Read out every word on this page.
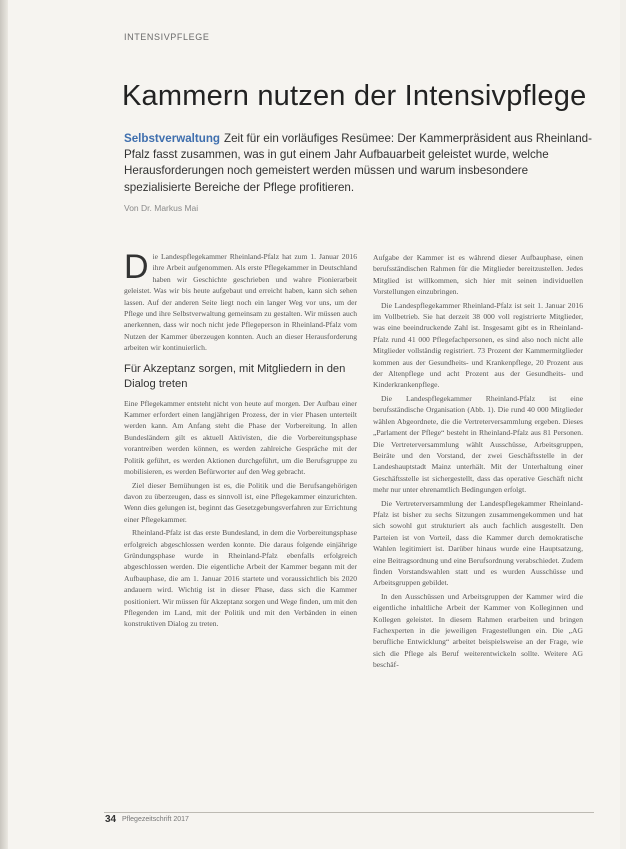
INTENSIVPFLEGE
Kammern nutzen der Intensivpflege

Selbstverwaltung Zeit für ein vorläufiges Resümee: Der Kammerpräsident aus Rheinland-Pfalz fasst zusammen, was in gut einem Jahr Aufbauarbeit geleistet wurde, welche Herausforderungen noch gemeistert werden müssen und warum insbesondere spezialisierte Bereiche der Pflege profitieren.

Von Dr. Markus Mai

Die Landespflegekammer Rheinland-Pfalz hat zum 1. Januar 2016 ihre Arbeit aufgenommen. Als erste Pflegekammer in Deutschland haben wir Geschichte geschrieben und wahre Pionierarbeit geleistet. Was wir bis heute aufgebaut und erreicht haben, kann sich sehen lassen. Auf der anderen Seite liegt noch ein langer Weg vor uns, um der Pflege und ihre Selbstverwaltung gemeinsam zu gestalten. Wir müssen auch anerkennen, dass wir noch nicht jede Pflegeperson in Rheinland-Pfalz vom Nutzen der Kammer überzeugen konnten. Auch an dieser Herausforderung arbeiten wir kontinuierlich.

Für Akzeptanz sorgen, mit Mitgliedern in den Dialog treten

Eine Pflegekammer entsteht nicht von heute auf morgen. Der Aufbau einer Kammer erfordert einen langjährigen Prozess, der in vier Phasen unterteilt werden kann. Am Anfang steht die Phase der Vorbereitung. In allen Bundesländern gilt es aktuell Aktivisten, die die Vorbereitungsphase vorantreiben werden können, es werden zahlreiche Gespräche mit der Politik geführt, es werden Aktionen durchgeführt, um die Berufsgruppe zu mobilisieren, es werden Befürworter auf den Weg gebracht.

Ziel dieser Bemühungen ist es, die Politik und die Berufsangehörigen davon zu überzeugen, dass es sinnvoll ist, eine Pflegekammer einzurichten. Wenn dies gelungen ist, beginnt das Gesetzgebungsverfahren zur Errichtung einer Pflegekammer.

Rheinland-Pfalz ist das erste Bundesland, in dem die Vorbereitungsphase erfolgreich abgeschlossen werden konnte. Die daraus folgende einjährige Gründungsphase wurde in Rheinland-Pfalz ebenfalls erfolgreich abgeschlossen werden. Die eigentliche Arbeit der Kammer begann mit der Aufbauphase, die am 1. Januar 2016 startete und voraussichtlich bis 2020 andauern wird. Wichtig ist in dieser Phase, dass sich die Kammer positioniert. Wir müssen für Akzeptanz sorgen und Wege finden, um mit den Pflegenden im Land, mit der Politik und mit den Verbänden in einen konstruktiven Dialog zu treten.

Aufgabe der Kammer ist es während dieser Aufbauphase, einen berufsständischen Rahmen für die Mitglieder bereitzustellen. Jedes Mitglied ist willkommen, sich hier mit seinen individuellen Vorstellungen einzubringen.

Die Landespflegekammer Rheinland-Pfalz ist seit 1. Januar 2016 im Vollbetrieb. Sie hat derzeit 38 000 voll registrierte Mitglieder, was eine beeindruckende Zahl ist. Insgesamt gibt es in Rheinland-Pfalz rund 41 000 Pflegefachpersonen, es sind also noch nicht alle Mitglieder vollständig registriert. 73 Prozent der Kammermitglieder kommen aus der Gesundheits- und Krankenpflege, 20 Prozent aus der Altenpflege und acht Prozent aus der Gesundheits- und Kinderkrankenpflege.

Die Landespflegekammer Rheinland-Pfalz ist eine berufsständische Organisation (Abb. 1). Die rund 40 000 Mitglieder wählen Abgeordnete, die die Vertreterversammlung ergeben. Dieses „Parlament der Pflege“ besteht in Rheinland-Pfalz aus 81 Personen. Die Vertreterversammlung wählt Ausschüsse, Arbeitsgruppen, Beiräte und den Vorstand, der zwei Geschäftsstelle in der Landeshauptstadt Mainz unterhält. Mit der Unterhaltung einer Geschäftsstelle ist sichergestellt, dass das operative Geschäft nicht mehr nur unter ehrenamtlich Bedingungen erfolgt.

Die Vertreterversammlung der Landespflegekammer Rheinland-Pfalz ist bisher zu sechs Sitzungen zusammengekommen und hat sich sowohl gut strukturiert als auch fachlich ausgestellt. Den Parteien ist von Vorteil, dass die Kammer durch demokratische Wahlen legitimiert ist. Darüber hinaus wurde eine Hauptsatzung, eine Beitragsordnung und eine Berufsordnung verabschiedet. Zudem finden Vorstandswahlen statt und es wurden Ausschüsse und Arbeitsgruppen gebildet.

In den Ausschüssen und Arbeitsgruppen der Kammer wird die eigentliche inhaltliche Arbeit der Kammer von Kolleginnen und Kollegen geleistet. In diesem Rahmen erarbeiten und bringen Fachexperten in die jeweiligen Fragestellungen ein. Die „AG berufliche Entwicklung“ arbeitet beispielsweise an der Frage, wie sich die Pflege als Beruf weiterentwickeln sollte. Weitere AG beschäf-

34 Pflegezeitschrift 2017
